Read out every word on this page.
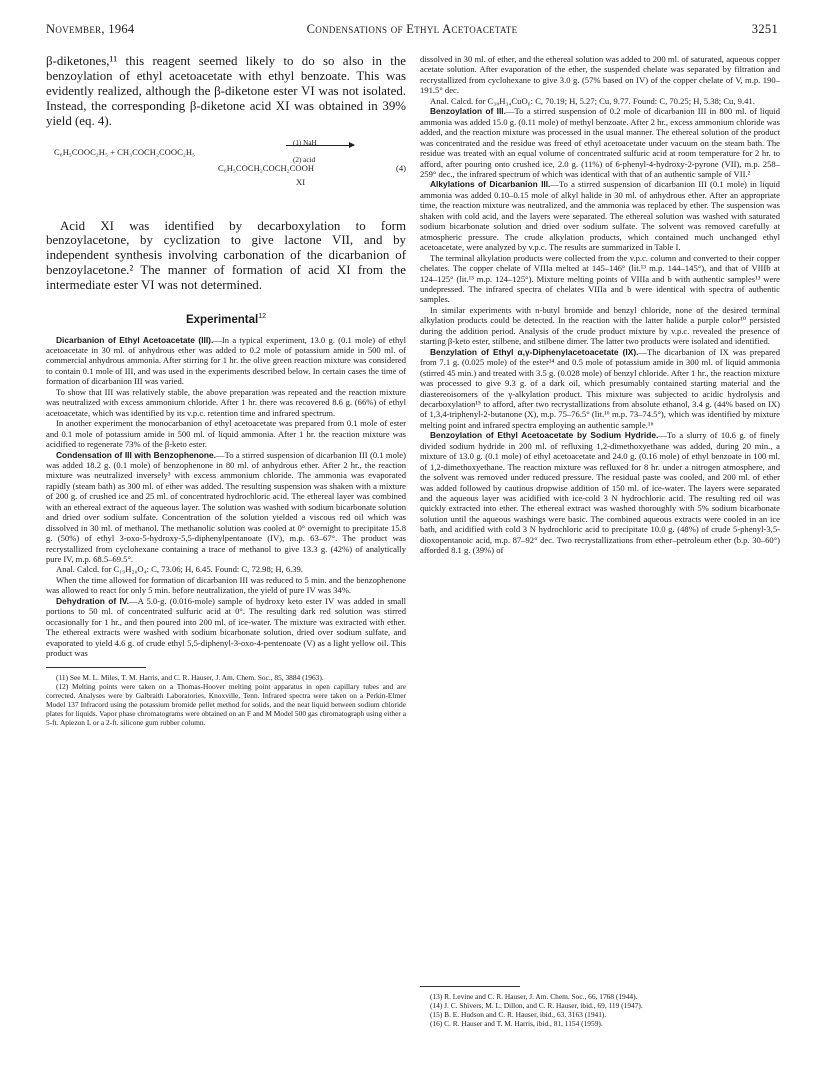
November, 1964	Condensations of Ethyl Acetoacetate	3251

β-diketones,¹¹ this reagent seemed likely to do so also in the benzoylation of ethyl acetoacetate with ethyl benzoate. This was evidently realized, although the β-diketone ester VI was not isolated. Instead, the corresponding β-diketone acid XI was obtained in 39% yield (eq. 4).

C₆H₅COOC₂H₅ + CH₃COCH₂COOC₂H₅
(1) NaH
(2) acid
C₆H₅COCH₂COCH₂COOH	(4)
XI

Acid XI was identified by decarboxylation to form benzoylacetone, by cyclization to give lactone VII, and by independent synthesis involving carbonation of the dicarbanion of benzoylacetone.² The manner of formation of acid XI from the intermediate ester VI was not determined.

Experimental$^{12}$

Dicarbanion of Ethyl Acetoacetate (III).—In a typical experiment, 13.0 g. (0.1 mole) of ethyl acetoacetate in 30 ml. of anhydrous ether was added to 0.2 mole of potassium amide in 500 ml. of commercial anhydrous ammonia. After stirring for 1 hr. the olive green reaction mixture was considered to contain 0.1 mole of III, and was used in the experiments described below. In certain cases the time of formation of dicarbanion III was varied.

To show that III was relatively stable, the above preparation was repeated and the reaction mixture was neutralized with excess ammonium chloride. After 1 hr. there was recovered 8.6 g. (66%) of ethyl acetoacetate, which was identified by its v.p.c. retention time and infrared spectrum.

In another experiment the monocarbanion of ethyl acetoacetate was prepared from 0.1 mole of ester and 0.1 mole of potassium amide in 500 ml. of liquid ammonia. After 1 hr. the reaction mixture was acidified to regenerate 73% of the β-keto ester.

Condensation of III with Benzophenone.—To a stirred suspension of dicarbanion III (0.1 mole) was added 18.2 g. (0.1 mole) of benzophenone in 80 ml. of anhydrous ether. After 2 hr., the reaction mixture was neutralized inversely³ with excess ammonium chloride. The ammonia was evaporated rapidly (steam bath) as 300 ml. of ether was added. The resulting suspension was shaken with a mixture of 200 g. of crushed ice and 25 ml. of concentrated hydrochloric acid. The ethereal layer was combined with an ethereal extract of the aqueous layer. The solution was washed with sodium bicarbonate solution and dried over sodium sulfate. Concentration of the solution yielded a viscous red oil which was dissolved in 30 ml. of methanol. The methanolic solution was cooled at 0° overnight to precipitate 15.8 g. (50%) of ethyl 3-oxo-5-hydroxy-5,5-diphenylpentanoate (IV), m.p. 63–67°. The product was recrystallized from cyclohexane containing a trace of methanol to give 13.3 g. (42%) of analytically pure IV, m.p. 68.5–69.5°.

Anal. Calcd. for C₁₉H₂₀O₄: C, 73.06; H, 6.45. Found: C, 72.98; H, 6.39.

When the time allowed for formation of dicarbanion III was reduced to 5 min. and the benzophenone was allowed to react for only 5 min. before neutralization, the yield of pure IV was 34%.

Dehydration of IV.—A 5.0-g. (0.016-mole) sample of hydroxy keto ester IV was added in small portions to 50 ml. of concentrated sulfuric acid at 0°. The resulting dark red solution was stirred occasionally for 1 hr., and then poured into 200 ml. of ice-water. The mixture was extracted with ether. The ethereal extracts were washed with sodium bicarbonate solution, dried over sodium sulfate, and evaporated to yield 4.6 g. of crude ethyl 5,5-diphenyl-3-oxo-4-pentenoate (V) as a light yellow oil. This product was

(11) See M. L. Miles, T. M. Harris, and C. R. Hauser, J. Am. Chem. Soc., 85, 3884 (1963).

(12) Melting points were taken on a Thomas-Hoover melting point apparatus in open capillary tubes and are corrected. Analyses were by Galbraith Laboratories, Knoxville, Tenn. Infrared spectra were taken on a Perkin-Elmer Model 137 Infracord using the potassium bromide pellet method for solids, and the neat liquid between sodium chloride plates for liquids. Vapor phase chromatograms were obtained on an F and M Model 500 gas chromatograph using either a 5-ft. Apiezon L or a 2-ft. silicone gum rubber column.

dissolved in 30 ml. of ether, and the ethereal solution was added to 200 ml. of saturated, aqueous copper acetate solution. After evaporation of the ether, the suspended chelate was separated by filtration and recrystallized from cyclohexane to give 3.0 g. (57% based on IV) of the copper chelate of V, m.p. 190–191.5° dec.

Anal. Calcd. for C₃₈H₃₄CuO₆: C, 70.19; H, 5.27; Cu, 9.77. Found: C, 70.25; H, 5.38; Cu, 9.41.

Benzoylation of III.—To a stirred suspension of 0.2 mole of dicarbanion III in 800 ml. of liquid ammonia was added 15.0 g. (0.11 mole) of methyl benzoate. After 2 hr., excess ammonium chloride was added, and the reaction mixture was processed in the usual manner. The ethereal solution of the product was concentrated and the residue was freed of ethyl acetoacetate under vacuum on the steam bath. The residue was treated with an equal volume of concentrated sulfuric acid at room temperature for 2 hr. to afford, after pouring onto crushed ice, 2.0 g. (11%) of 6-phenyl-4-hydroxy-2-pyrone (VII), m.p. 258–259° dec., the infrared spectrum of which was identical with that of an authentic sample of VII.²

Alkylations of Dicarbanion III.—To a stirred suspension of dicarbanion III (0.1 mole) in liquid ammonia was added 0.10–0.15 mole of alkyl halide in 30 ml. of anhydrous ether. After an appropriate time, the reaction mixture was neutralized, and the ammonia was replaced by ether. The suspension was shaken with cold acid, and the layers were separated. The ethereal solution was washed with saturated sodium bicarbonate solution and dried over sodium sulfate. The solvent was removed carefully at atmospheric pressure. The crude alkylation products, which contained much unchanged ethyl acetoacetate, were analyzed by v.p.c. The results are summarized in Table I.

The terminal alkylation products were collected from the v.p.c. column and converted to their copper chelates. The copper chelate of VIIIa melted at 145–146° (lit.¹³ m.p. 144–145°), and that of VIIIb at 124–125° (lit.¹³ m.p. 124–125°). Mixture melting points of VIIIa and b with authentic samples¹³ were undepressed. The infrared spectra of chelates VIIIa and b were identical with spectra of authentic samples.

In similar experiments with n-butyl bromide and benzyl chloride, none of the desired terminal alkylation products could be detected. In the reaction with the latter halide a purple color¹⁰ persisted during the addition period. Analysis of the crude product mixture by v.p.c. revealed the presence of starting β-keto ester, stilbene, and stilbene dimer. The latter two products were isolated and identified.

Benzylation of Ethyl α,γ-Diphenylacetoacetate (IX).—The dicarbanion of IX was prepared from 7.1 g. (0.025 mole) of the ester¹⁴ and 0.5 mole of potassium amide in 300 ml. of liquid ammonia (stirred 45 min.) and treated with 3.5 g. (0.028 mole) of benzyl chloride. After 1 hr., the reaction mixture was processed to give 9.3 g. of a dark oil, which presumably contained starting material and the diastereoisomers of the γ-alkylation product. This mixture was subjected to acidic hydrolysis and decarboxylation¹⁵ to afford, after two recrystallizations from absolute ethanol, 3.4 g. (44% based on IX) of 1,3,4-triphenyl-2-butanone (X), m.p. 75–76.5° (lit.¹⁶ m.p. 73–74.5°), which was identified by mixture melting point and infrared spectra employing an authentic sample.¹⁶

Benzoylation of Ethyl Acetoacetate by Sodium Hydride.—To a slurry of 10.6 g. of finely divided sodium hydride in 200 ml. of refluxing 1,2-dimethoxyethane was added, during 20 min., a mixture of 13.0 g. (0.1 mole) of ethyl acetoacetate and 24.0 g. (0.16 mole) of ethyl benzoate in 100 ml. of 1,2-dimethoxyethane. The reaction mixture was refluxed for 8 hr. under a nitrogen atmosphere, and the solvent was removed under reduced pressure. The residual paste was cooled, and 200 ml. of ether was added followed by cautious dropwise addition of 150 ml. of ice-water. The layers were separated and the aqueous layer was acidified with ice-cold 3 N hydrochloric acid. The resulting red oil was quickly extracted into ether. The ethereal extract was washed thoroughly with 5% sodium bicarbonate solution until the aqueous washings were basic. The combined aqueous extracts were cooled in an ice bath, and acidified with cold 3 N hydrochloric acid to precipitate 10.0 g. (48%) of crude 5-phenyl-3,5-dioxopentanoic acid, m.p. 87–92° dec. Two recrystallizations from ether–petroleum ether (b.p. 30–60°) afforded 8.1 g. (39%) of

(13) R. Levine and C. R. Hauser, J. Am. Chem. Soc., 66, 1768 (1944).

(14) J. C. Shivers, M. L. Dillon, and C. R. Hauser, ibid., 69, 119 (1947).

(15) B. E. Hudson and C. R. Hauser, ibid., 63, 3163 (1941).

(16) C. R. Hauser and T. M. Harris, ibid., 81, 1154 (1959).
